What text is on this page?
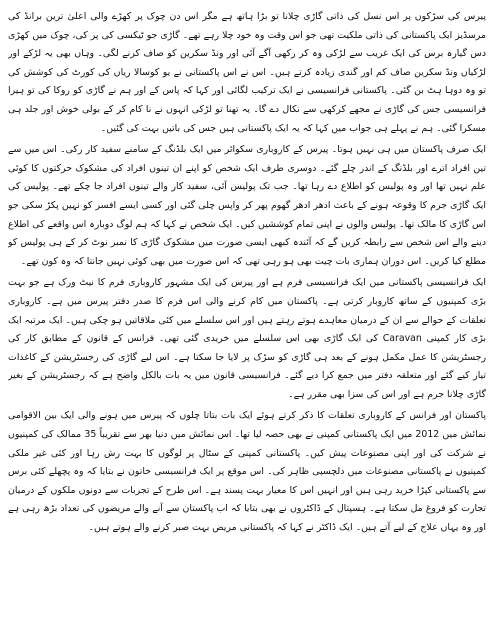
پیرس کی سڑکوں پر اس نسل کی ذاتی گاڑی چلانا تو بڑا ہاتھ ہے مگر اس دن چوک پر کھڑے والی اعلیٰ ترین برانڈ کی مرسڈیز ایک پاکستانی کی ذاتی ملکیت تھی جو اس وقت وہ خود چلا رہے تھے۔ گاڑی جو ٹیکسی کی پر کی، چوک میں کھڑی دس گیارہ برس کی ایک غریب سے لڑکی وہ کر رکھی آگے آئی اور ونڈ سکرین کو صاف کرنے لگی۔ وہاں بھی یہ لڑکے اور لڑکیاں ونڈ سکرین صاف کم اور گندی زیادہ کرتے ہیں۔ اس نے اس پاکستانی نے یو کوسالا ریاں کی کورٹ کی کوشش کی تو وہ دوہا ہٹ بن گئی۔ پاکستانی فرانسیسی نے ایک ترکیب لگائی اور کہا کہ پاس کے اور ہم نے گاڑی کو روکا کی تو ہیرا فرانسیسی جس کی گاڑی نے مجھے کرکھی سے نکال دے گا۔ یہ تھنا تو لڑکی انہوں نے نا کام کر کے بولی خوش اور جلد ہی مسکرا گئی۔ ہم نے پہلے ہی جواب میں کہا کہ یہ ایک پاکستانی ہیں جس کی باتیں بہت کی گئیں۔

ایک صرف پاکستان میں ہی نہیں ہوتا۔ پیرس کے کاروباری سکوائر میں ایک بلڈنگ کے سامنے سفید کار رکی۔ اس میں سے تین افراد اترے اور بلڈنگ کے اندر چلے گئے۔ دوسری طرف ایک شخص کو اپنے ان تینوں افراد کی مشکوک حرکتوں کا کوئی علم نہیں تھا اور وہ پولیس کو اطلاع دے رہا تھا۔ جب تک پولیس آئی، سفید کار والے تینوں افراد جا چکے تھے۔ پولیس کی ایک گاڑی جرم کا وقوعہ ہونے کے باعث ادھر ادھر گھوم پھر کر واپس چلی گئی اور کسی ایسے افسر کو نہیں پکڑ سکی جو اس گاڑی کا مالک تھا۔ پولیس والوں نے اپنی تمام کوششیں کیں۔ ایک شخص نے کہا کہ ہم لوگ دوبارہ اس واقعے کی اطلاع دینے والے اس شخص سے رابطہ کریں گے کہ آئندہ کبھی ایسی صورت میں مشکوک گاڑی کا نمبر نوٹ کر کے ہی پولیس کو مطلع کیا کریں۔ اس دوران ہماری بات چیت بھی ہو رہی تھی کہ اس صورت میں بھی کوئی نہیں جانتا کہ وہ کون تھے۔

ایک فرانسیسی پاکستانی میں ایک فرانسیسی فرم ہے اور پیرس کی ایک مشہور کاروباری فرم کا نیٹ ورک ہے جو بہت بڑی کمپنیوں کے ساتھ کاروبار کرتی ہے۔ پاکستان میں کام کرنے والی اس فرم کا صدر دفتر پیرس میں ہے۔ کاروباری تعلقات کے حوالے سے ان کے درمیان معاہدے ہوتے رہتے ہیں اور اس سلسلے میں کئی ملاقاتیں ہو چکی ہیں۔ ایک مرتبہ ایک بڑی کار کمپنی Caravan کی ایک گاڑی بھی اس سلسلے میں خریدی گئی تھی۔ فرانس کے قانون کے مطابق کار کی رجسٹریشن کا عمل مکمل ہونے کے بعد ہی گاڑی کو سڑک پر لایا جا سکتا ہے۔ اس لیے گاڑی کی رجسٹریشن کے کاغذات تیار کیے گئے اور متعلقہ دفتر میں جمع کرا دیے گئے۔ فرانسیسی قانون میں یہ بات بالکل واضح ہے کہ رجسٹریشن کے بغیر گاڑی چلانا جرم ہے اور اس کی سزا بھی مقرر ہے۔

پاکستان اور فرانس کے کاروباری تعلقات کا ذکر کرتے ہوئے ایک بات بتاتا چلوں کہ پیرس میں ہونے والی ایک بین الاقوامی نمائش میں 2012 میں ایک پاکستانی کمپنی نے بھی حصہ لیا تھا۔ اس نمائش میں دنیا بھر سے تقریباً 35 ممالک کی کمپنیوں نے شرکت کی اور اپنی مصنوعات پیش کیں۔ پاکستانی کمپنی کے سٹال پر لوگوں کا بہت رش رہا اور کئی غیر ملکی کمپنیوں نے پاکستانی مصنوعات میں دلچسپی ظاہر کی۔ اس موقع پر ایک فرانسیسی خاتون نے بتایا کہ وہ پچھلے کئی برس سے پاکستانی کپڑا خرید رہی ہیں اور انہیں اس کا معیار بہت پسند ہے۔ اس طرح کے تجربات سے دونوں ملکوں کے درمیان تجارت کو فروغ مل سکتا ہے۔ ہسپتال کے ڈاکٹروں نے بھی بتایا کہ اب پاکستان سے آنے والے مریضوں کی تعداد بڑھ رہی ہے اور وہ یہاں علاج کے لیے آتے ہیں۔ ایک ڈاکٹر نے کہا کہ پاکستانی مریض بہت صبر کرنے والے ہوتے ہیں۔
